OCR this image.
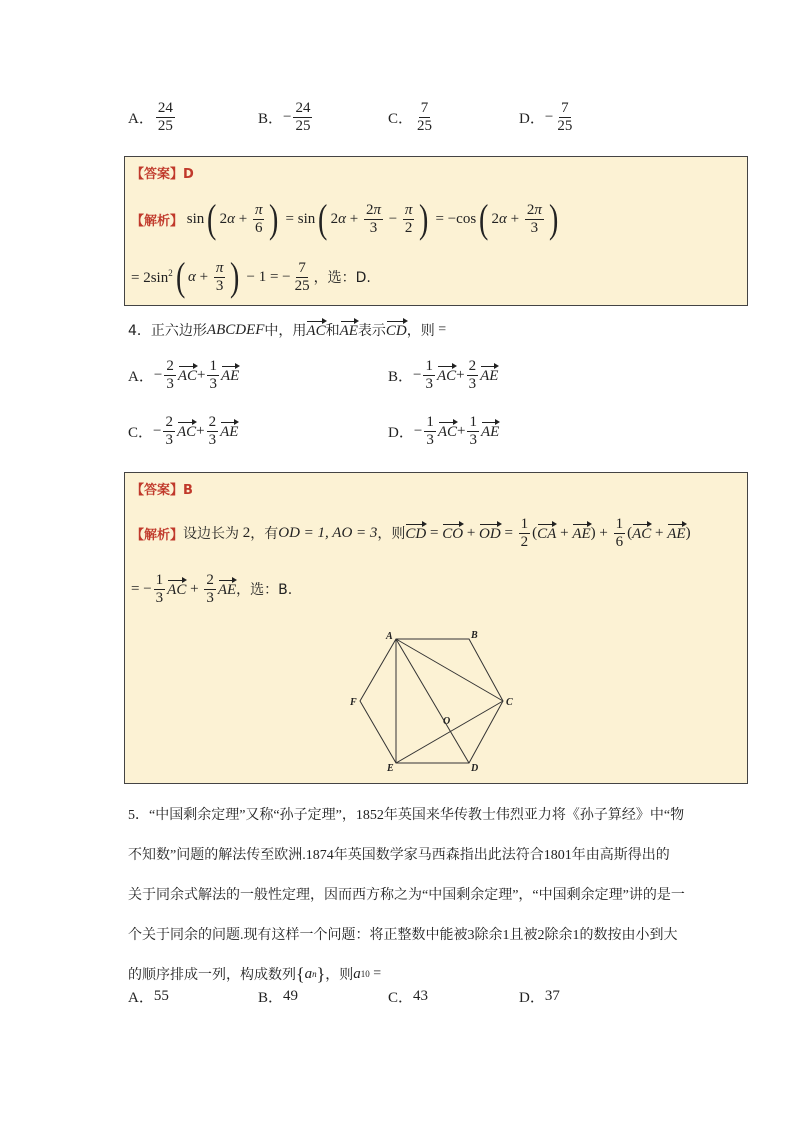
A． $\frac{24}{25}$	B． − $\frac{24}{25}$	C． $\frac{7}{25}$	D． − $\frac{7}{25}$
【答案】D
【解析】 sin ( 2 $\alpha + \frac{\pi}{6}$ ) = sin ( 2 $\alpha + \frac{2\pi}{3} - \frac{\pi}{2}$ ) = −cos ( 2 $\alpha + \frac{2\pi}{3}$ )
= $2\sin^2$ ( $\alpha + \frac{\pi}{3}$ ) − 1 = − $\frac{7}{25}$ ，选：D.
4． 正六边形 ABCDEF 中，用 AC 和 AE 表示 CD ，则 =
A． − $\frac{2}{3}$ AC + $\frac{1}{3}$ AE	B． − $\frac{1}{3}$ AC + $\frac{2}{3}$ AE
C． − $\frac{2}{3}$ AC + $\frac{2}{3}$ AE	D． − $\frac{1}{3}$ AC + $\frac{1}{3}$ AE
【答案】B
【解析】 设边长为
2 ，有 OD = 1, AO = 3 ，则 CD = CO + OD = $\frac{1}{2}$ ( CA + AE ) + $\frac{1}{6}$ ( AC + AE )
= − $\frac{1}{3}$ AC + $\frac{2}{3}$ AE ，选：B.
A	B
C
D
E
F
O

5．“中国剩余定理”又称“孙子定理”，1852年英国来华传教士伟烈亚力将《孙子算经》中“物

不知数”问题的解法传至欧洲.1874年英国数学家马西森指出此法符合1801年由高斯得出的

关于同余式解法的一般性定理，因而西方称之为“中国剩余定理”，“中国剩余定理”讲的是一

个关于同余的问题.现有这样一个问题：将正整数中能被3除余1且被2除余1的数按由小到大

的顺序排成一列，构成数列 { a n } ，则 a 10 =

A． 55	B． 49	C． 43	D． 37
